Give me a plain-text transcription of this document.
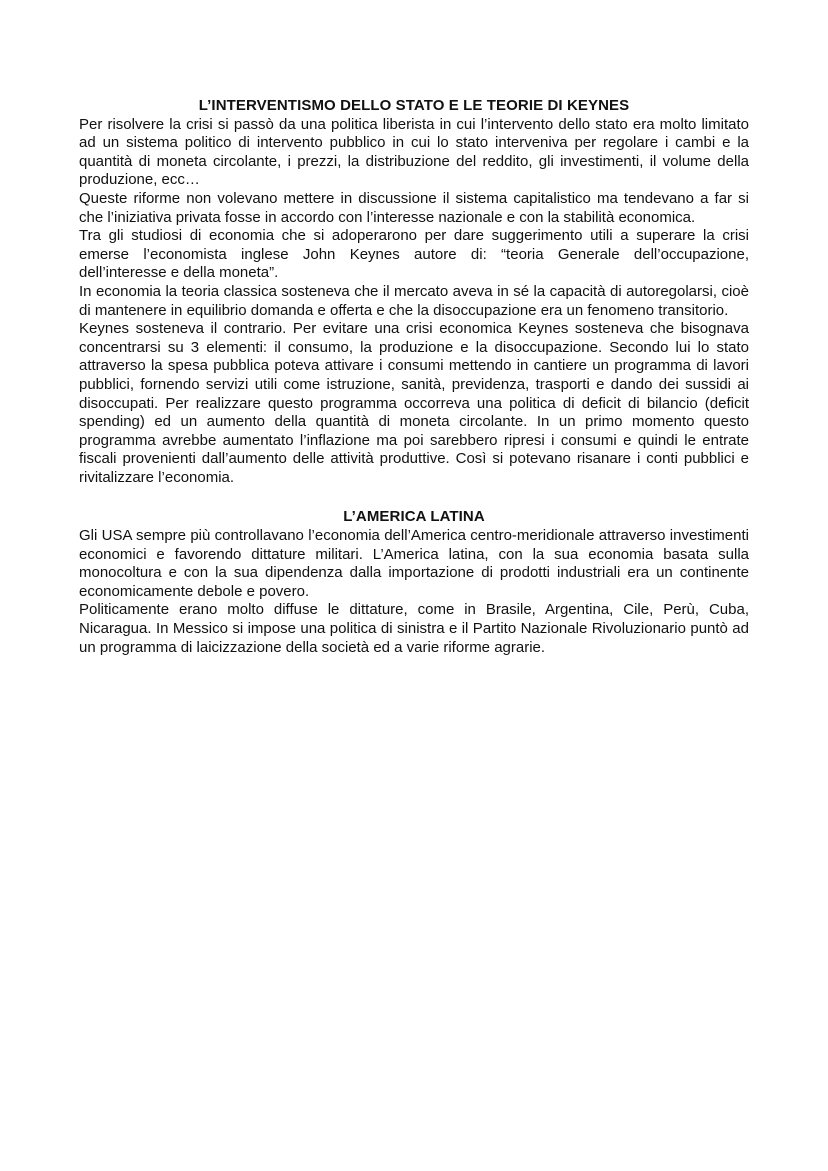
L’INTERVENTISMO DELLO STATO E LE TEORIE DI KEYNES

Per risolvere la crisi si passò da una politica liberista in cui l’intervento dello stato era molto limitato ad un sistema politico di intervento pubblico in cui lo stato interveniva per regolare i cambi e la quantità di moneta circolante, i prezzi, la distribuzione del reddito, gli investimenti, il volume della produzione, ecc…

Queste riforme non volevano mettere in discussione il sistema capitalistico ma tendevano a far si che l’iniziativa privata fosse in accordo con l’interesse nazionale e con la stabilità economica.

Tra gli studiosi di economia che si adoperarono per dare suggerimento utili a superare la crisi emerse l’economista inglese John Keynes autore di: “teoria Generale dell’occupazione, dell’interesse e della moneta”.

In economia la teoria classica sosteneva che il mercato aveva in sé la capacità di autoregolarsi, cioè di mantenere in equilibrio domanda e offerta e che la disoccupazione era un fenomeno transitorio.

Keynes sosteneva il contrario. Per evitare una crisi economica Keynes sosteneva che bisognava concentrarsi su 3 elementi: il consumo, la produzione e la disoccupazione. Secondo lui lo stato attraverso la spesa pubblica poteva attivare i consumi mettendo in cantiere un programma di lavori pubblici, fornendo servizi utili come istruzione, sanità, previdenza, trasporti e dando dei sussidi ai disoccupati. Per realizzare questo programma occorreva una politica di deficit di bilancio (deficit spending) ed un aumento della quantità di moneta circolante. In un primo momento questo programma avrebbe aumentato l’inflazione ma poi sarebbero ripresi i consumi e quindi le entrate fiscali provenienti dall’aumento delle attività produttive. Così si potevano risanare i conti pubblici e rivitalizzare l’economia.

L’AMERICA LATINA

Gli USA sempre più controllavano l’economia dell’America centro-meridionale attraverso investimenti economici e favorendo dittature militari. L’America latina, con la sua economia basata sulla monocoltura e con la sua dipendenza dalla importazione di prodotti industriali era un continente economicamente debole e povero.

Politicamente erano molto diffuse le dittature, come in Brasile, Argentina, Cile, Perù, Cuba, Nicaragua. In Messico si impose una politica di sinistra e il Partito Nazionale Rivoluzionario puntò ad un programma di laicizzazione della società ed a varie riforme agrarie.
